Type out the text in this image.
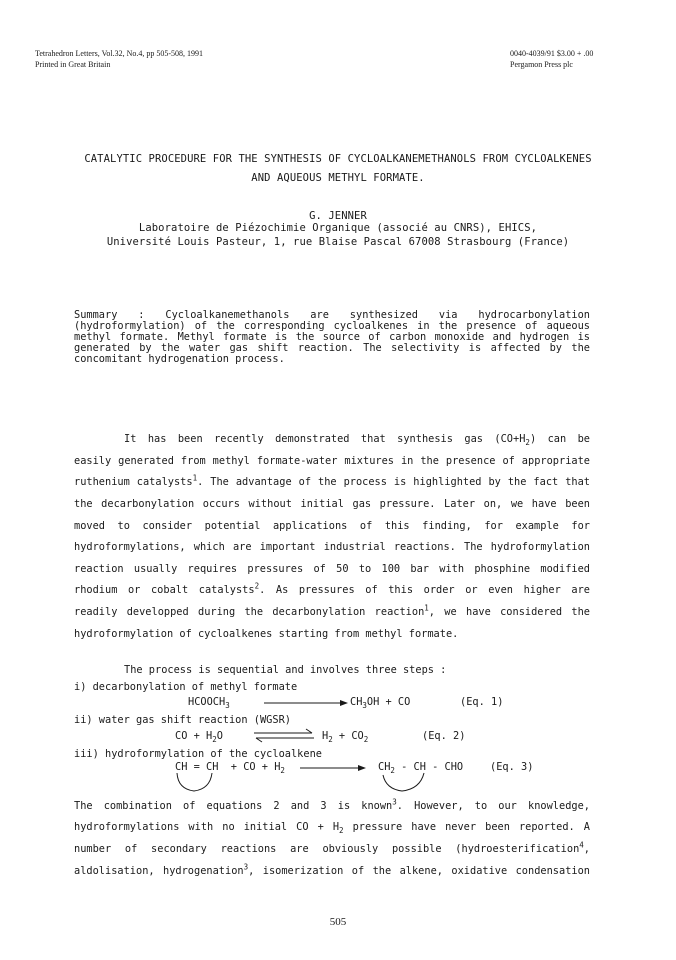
Tetrahedron Letters, Vol.32, No.4, pp 505-508, 1991
Printed in Great Britain
0040-4039/91 $3.00 + .00
Pergamon Press plc
CATALYTIC PROCEDURE FOR THE SYNTHESIS OF CYCLOALKANEMETHANOLS FROM CYCLOALKENES
AND AQUEOUS METHYL FORMATE.
G. JENNER
Laboratoire de Piézochimie Organique (associé au CNRS), EHICS,
Université Louis Pasteur, 1, rue Blaise Pascal 67008 Strasbourg (France)
Summary : Cycloalkanemethanols are synthesized via hydrocarbonylation
(hydroformylation) of the corresponding cycloalkenes in the presence of aqueous
methyl formate. Methyl formate is the source of carbon monoxide and hydrogen is
generated by the water gas shift reaction. The selectivity is affected by the
concomitant hydrogenation process.
It has been recently demonstrated that synthesis gas $(CO+H_2)$ can be
easily generated from methyl formate-water mixtures in the presence of appropriate
ruthenium catalysts$^1$. The advantage of the process is highlighted by the fact that
the decarbonylation occurs without initial gas pressure. Later on, we have been
moved to consider potential applications of this finding, for example for
hydroformylations, which are important industrial reactions. The hydroformylation
reaction usually requires pressures of 50 to 100 bar with phosphine modified
rhodium or cobalt catalysts$^2$. As pressures of this order or even higher are
readily developped during the decarbonylation reaction$^1$, we have considered the
hydroformylation of cycloalkenes starting from methyl formate.
The process is sequential and involves three steps :
i) decarbonylation of methyl formate
$HCOOCH_3$	$CH_3OH$ + CO	(Eq. 1)
ii) water gas shift reaction (WGSR)
CO + $H_2O$	$H_2 + CO_2$	(Eq. 2)
iii) hydroformylation of the cycloalkene
CH = CH  + CO + $H_2$	$CH_2$ - CH - CHO	(Eq. 3)
The combination of equations 2 and 3 is known$^3$. However, to our knowledge,
hydroformylations with no initial CO + $H_2$ pressure have never been reported. A
number of secondary reactions are obviously possible (hydroesterification$^4$,
aldolisation, hydrogenation$^3$, isomerization of the alkene, oxidative condensation
505
